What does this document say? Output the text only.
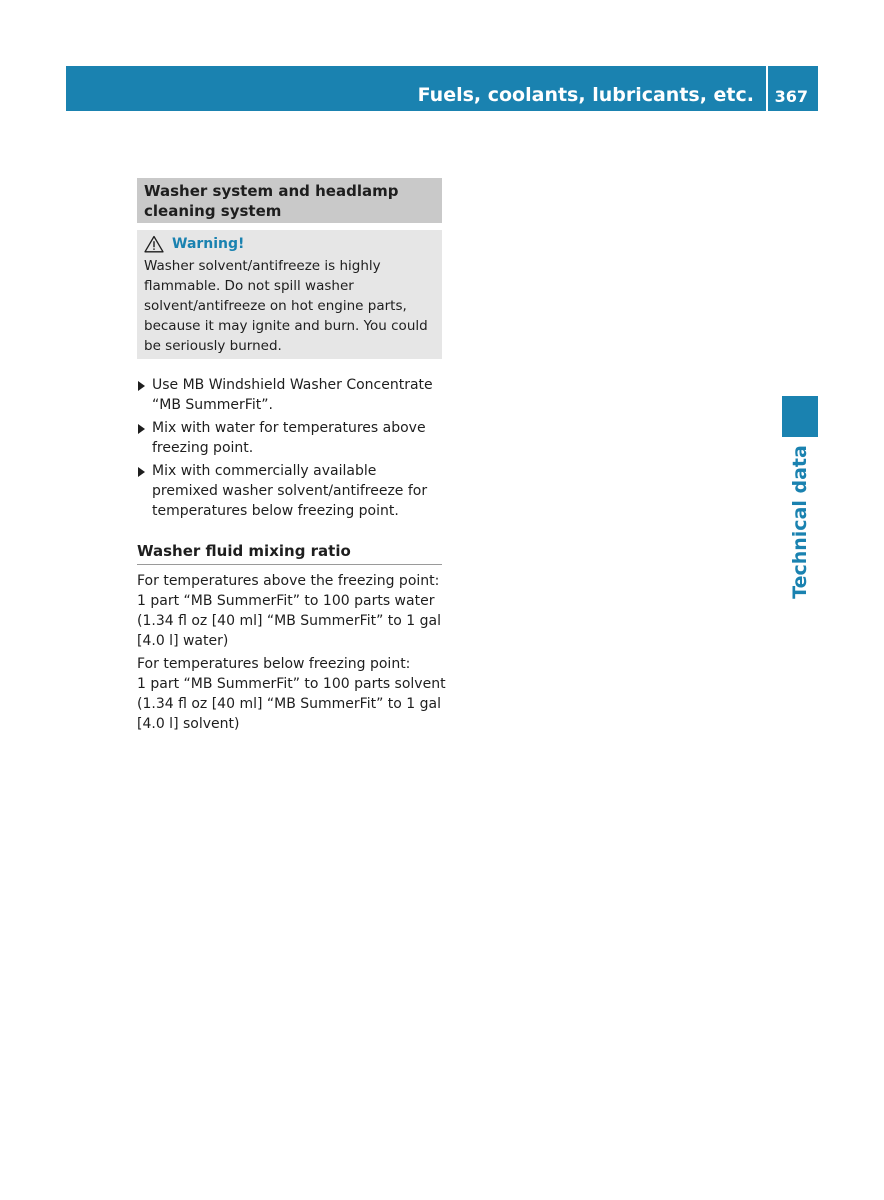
Fuels, coolants, lubricants, etc. 367
Technical data
Washer system and headlamp cleaning system
Warning!
Washer solvent/antifreeze is highly flammable. Do not spill washer solvent/antifreeze on hot engine parts, because it may ignite and burn. You could be seriously burned.
Use MB Windshield Washer Concentrate “MB SummerFit”.
Mix with water for temperatures above freezing point.
Mix with commercially available premixed washer solvent/antifreeze for temperatures below freezing point.
Washer fluid mixing ratio
For temperatures above the freezing point:
1 part “MB SummerFit” to 100 parts water
(1.34 fl oz [40 ml] “MB SummerFit” to 1 gal
[4.0 l] water)
For temperatures below freezing point:
1 part “MB SummerFit” to 100 parts solvent
(1.34 fl oz [40 ml] “MB SummerFit” to 1 gal
[4.0 l] solvent)
